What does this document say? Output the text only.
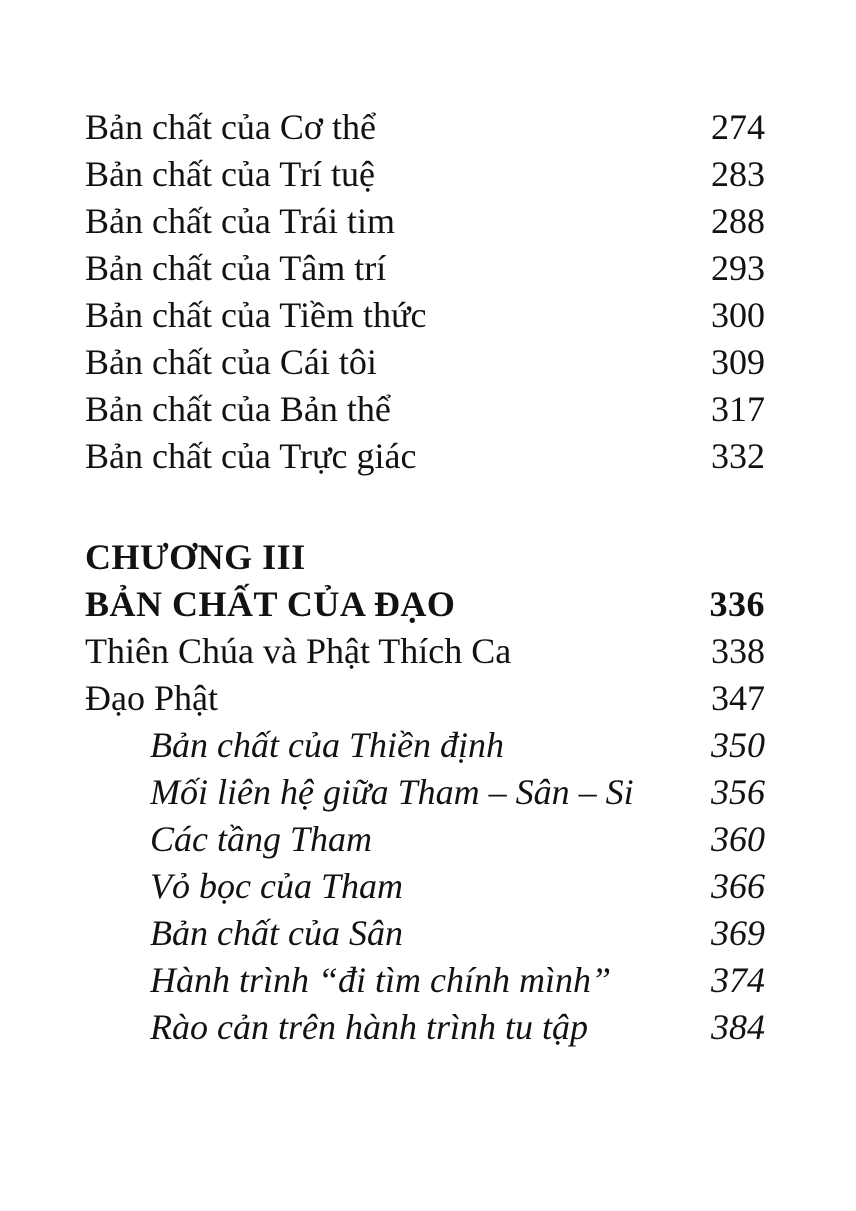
Bản chất của Cơ thể	274
Bản chất của Trí tuệ	283
Bản chất của Trái tim	288
Bản chất của Tâm trí	293
Bản chất của Tiềm thức	300
Bản chất của Cái tôi	309
Bản chất của Bản thể	317
Bản chất của Trực giác	332
CHƯƠNG III
BẢN CHẤT CỦA ĐẠO	336
Thiên Chúa và Phật Thích Ca	338
Đạo Phật	347
Bản chất của Thiền định	350
Mối liên hệ giữa Tham – Sân – Si 356
Các tầng Tham	360
Vỏ bọc của Tham	366
Bản chất của Sân	369
Hành trình “đi tìm chính mình”	374
Rào cản trên hành trình tu tập	384
